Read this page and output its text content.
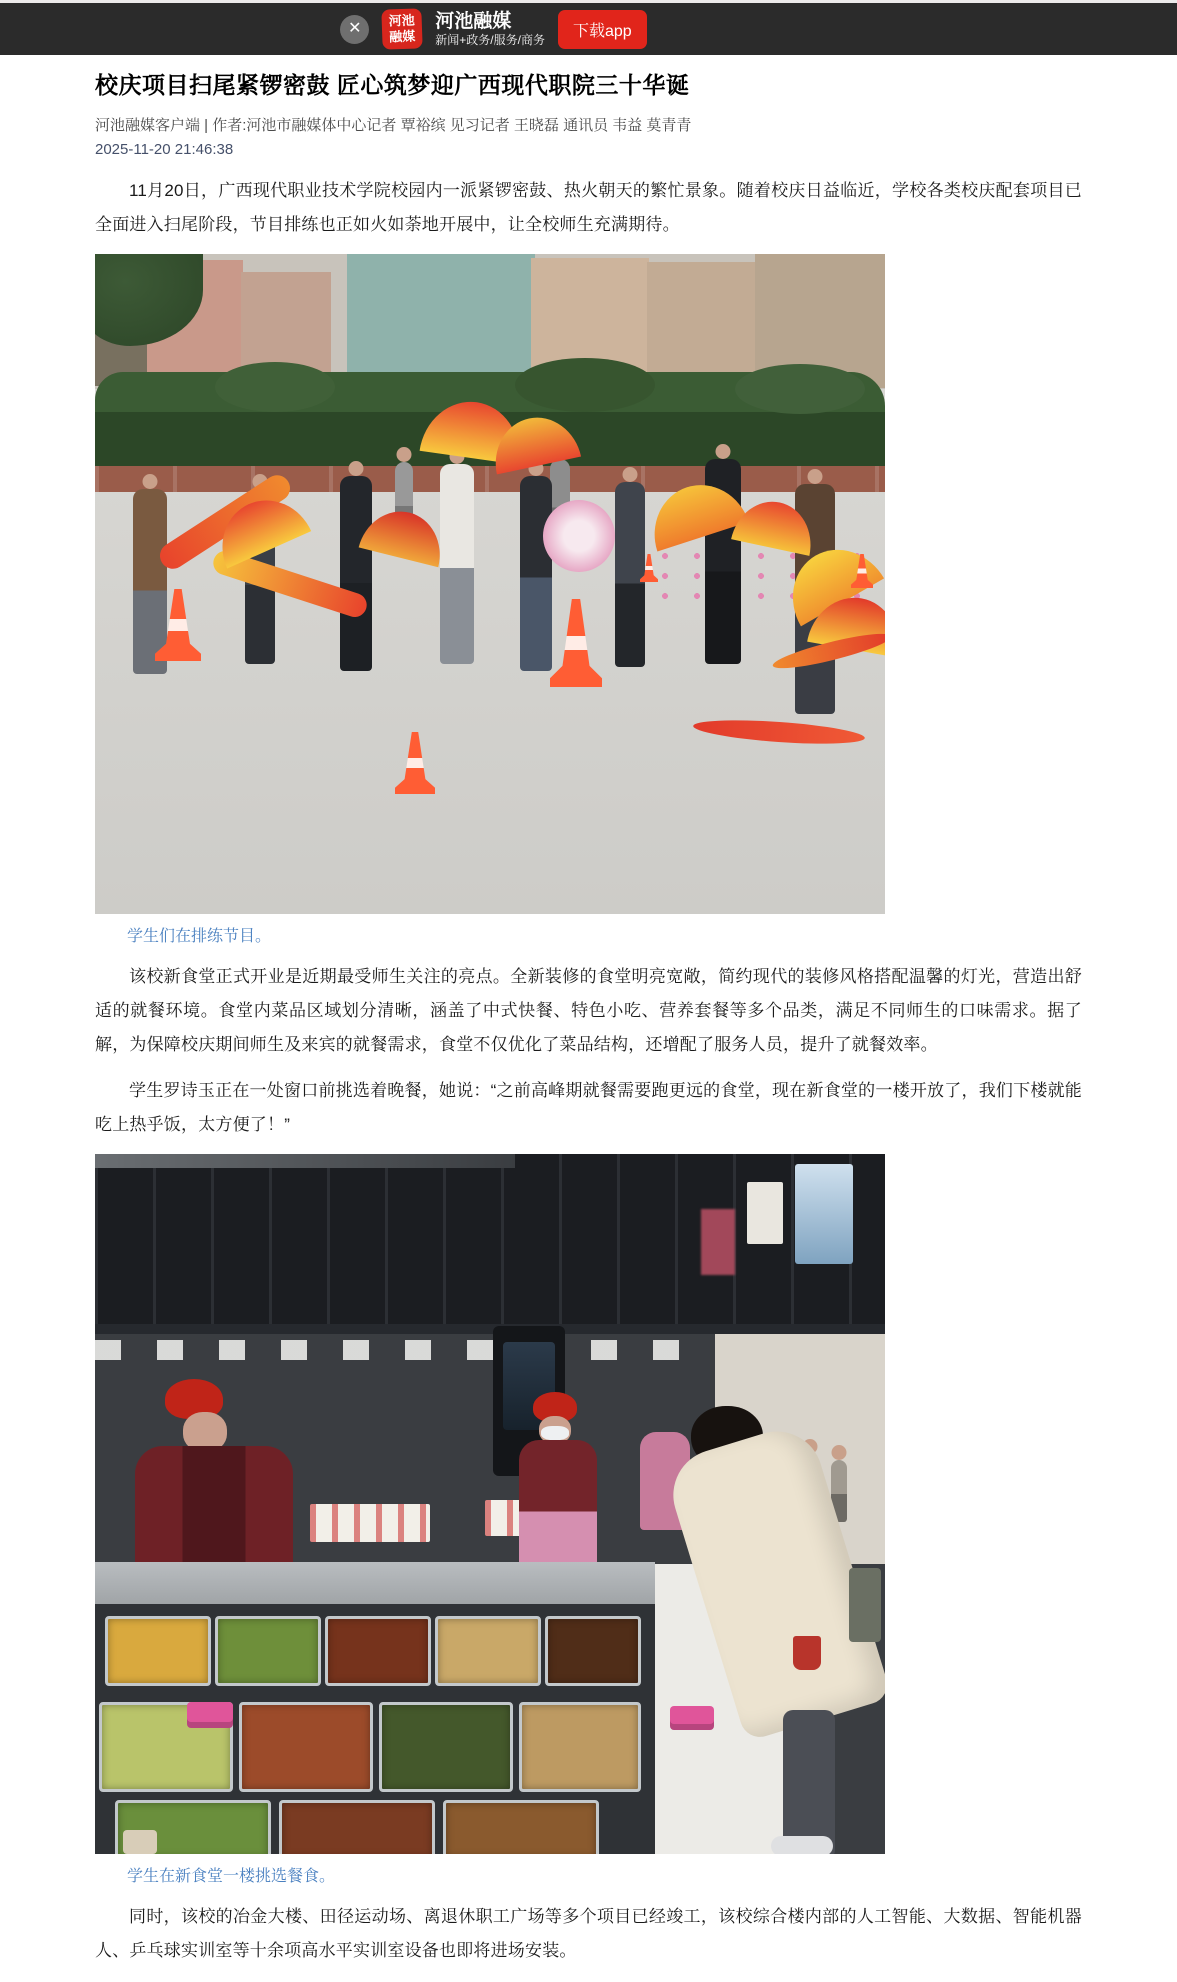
✕	河池
融媒
河池融媒
新闻+政务/服务/商务
下载app
校庆项目扫尾紧锣密鼓 匠心筑梦迎广西现代职院三十华诞
河池融媒客户端 | 作者:河池市融媒体中心记者 覃裕缤 见习记者 王晓磊 通讯员 韦益 莫青青
2025-11-20 21:46:38

11月20日，广西现代职业技术学院校园内一派紧锣密鼓、热火朝天的繁忙景象。随着校庆日益临近，学校各类校庆配套项目已全面进入扫尾阶段，节目排练也正如火如荼地开展中，让全校师生充满期待。

学生们在排练节目。

该校新食堂正式开业是近期最受师生关注的亮点。全新装修的食堂明亮宽敞，简约现代的装修风格搭配温馨的灯光，营造出舒适的就餐环境。食堂内菜品区域划分清晰，涵盖了中式快餐、特色小吃、营养套餐等多个品类，满足不同师生的口味需求。据了解，为保障校庆期间师生及来宾的就餐需求，食堂不仅优化了菜品结构，还增配了服务人员，提升了就餐效率。

学生罗诗玉正在一处窗口前挑选着晚餐，她说：“之前高峰期就餐需要跑更远的食堂，现在新食堂的一楼开放了，我们下楼就能吃上热乎饭，太方便了！”

学生在新食堂一楼挑选餐食。

同时，该校的冶金大楼、田径运动场、离退休职工广场等多个项目已经竣工，该校综合楼内部的人工智能、大数据、智能机器人、乒乓球实训室等十余项高水平实训室设备也即将进场安装。
